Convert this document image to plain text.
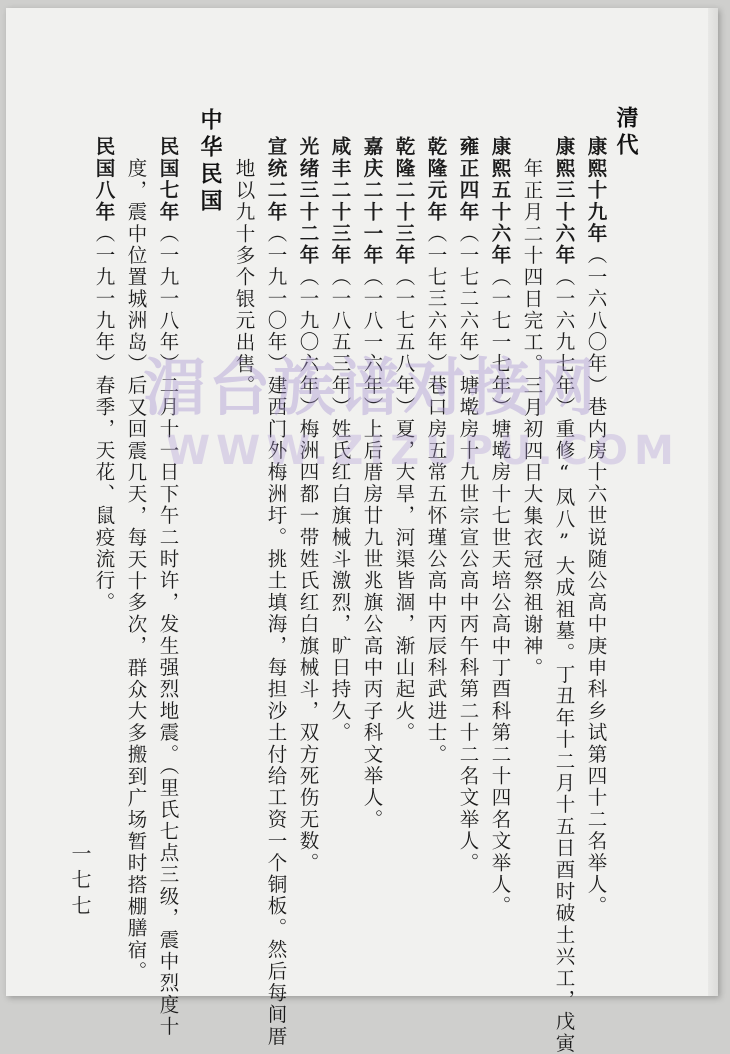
清代
康熙十九年（一六八〇年）巷内房十六世说随公高中庚申科乡试第四十二名举人。
康熙三十六年（一六九七年）重修“凤八”大成祖墓。丁丑年十二月十五日酉时破土兴工，戊寅
年正月二十四日完工。三月初四日大集衣冠祭祖谢神。
康熙五十六年（一七一七年）塘墘房十七世天培公高中丁酉科第二十四名文举人。
雍正四年（一七二六年）塘墘房十九世宗宣公高中丙午科第二十二名文举人。
乾隆元年（一七三六年）巷口房五常五怀瑾公高中丙辰科武进士。
乾隆二十三年（一七五八年）夏，大旱，河渠皆涸，渐山起火。
嘉庆二十一年（一八一六年）上后厝房廿九世兆旗公高中丙子科文举人。
咸丰二十三年（一八五三年）姓氏红白旗械斗激烈，旷日持久。
光绪三十二年（一九〇六年）梅洲四都一带姓氏红白旗械斗，双方死伤无数。
宣统二年（一九一〇年）建西门外梅洲圩。挑土填海，每担沙土付给工资一个铜板。然后每间厝
地以九十多个银元出售。
中华民国
民国七年（一九一八年）二月十一日下午二时许，发生强烈地震。（里氏七点三级，震中烈度十
度，震中位置城洲岛）后又回震几天，每天十多次，群众大多搬到广场暂时搭棚膳宿。
民国八年（一九一九年）春季，天花、鼠疫流行。
一七七
湄台族谱对接网
WWW.ZIZUPU.COM
